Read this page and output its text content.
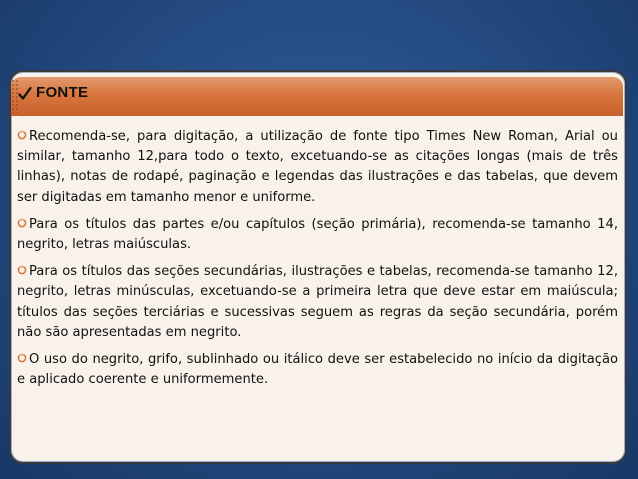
FONTE

Recomenda-se, para digitação, a utilização de fonte tipo Times New Roman, Arial ou similar, tamanho 12,para todo o texto, excetuando-se as citações longas (mais de três linhas), notas de rodapé, paginação e legendas das ilustrações e das tabelas, que devem ser digitadas em tamanho menor e uniforme.

Para os títulos das partes e/ou capítulos (seção primária), recomenda-se tamanho 14, negrito, letras maiúsculas.

Para os títulos das seções secundárias, ilustrações e tabelas, recomenda-se tamanho 12, negrito, letras minúsculas, excetuando-se a primeira letra que deve estar em maiúscula; títulos das seções terciárias e sucessivas seguem as regras da seção secundária, porém não são apresentadas em negrito.

O uso do negrito, grifo, sublinhado ou itálico deve ser estabelecido no início da digitação e aplicado coerente e uniformemente.
